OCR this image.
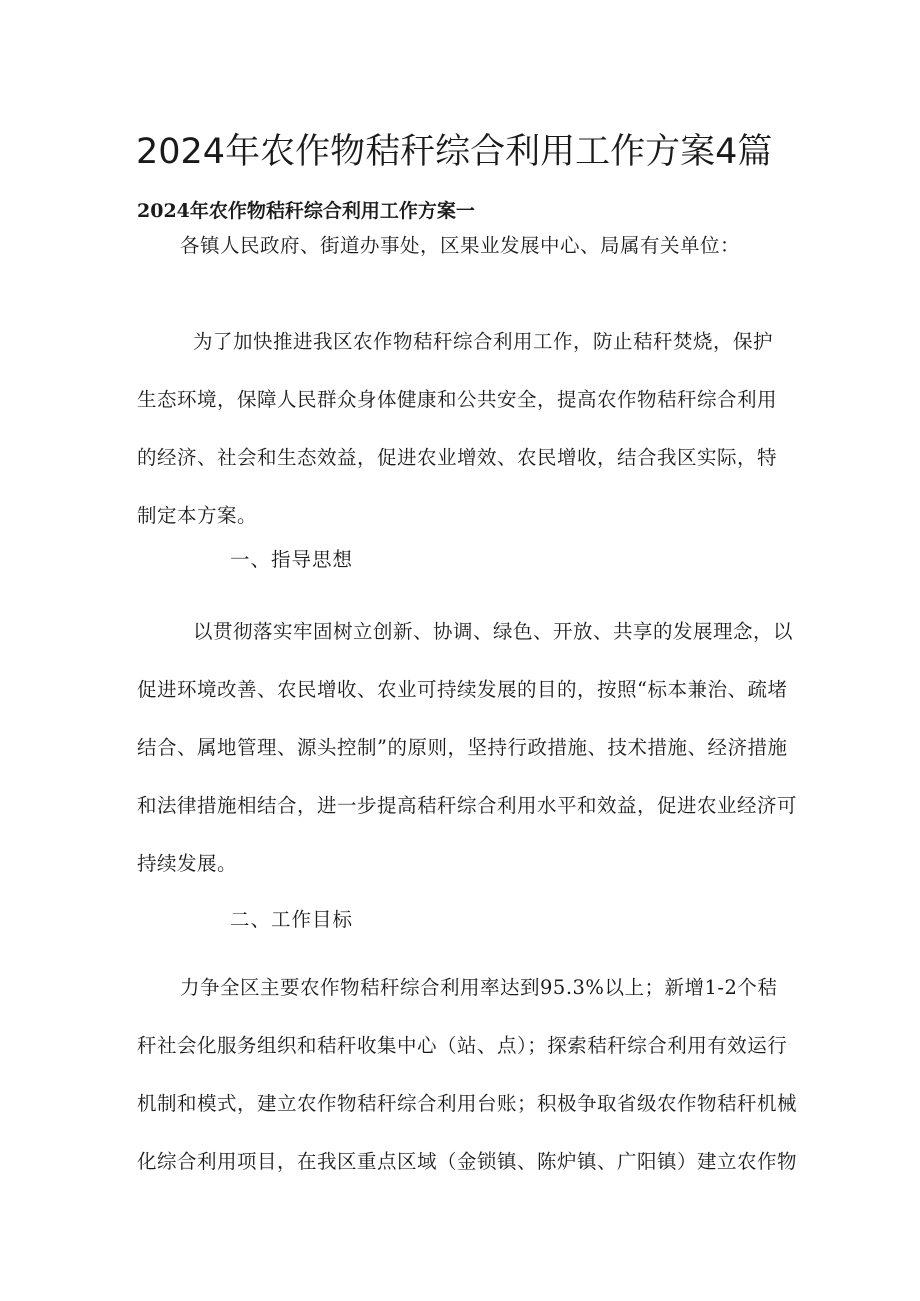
2024年农作物秸秆综合利用工作方案4篇
2024年农作物秸秆综合利用工作方案一

各镇人民政府、街道办事处，区果业发展中心、局属有关单位：

为了加快推进我区农作物秸秆综合利用工作，防止秸秆焚烧，保护

生态环境，保障人民群众身体健康和公共安全，提高农作物秸秆综合利用

的经济、社会和生态效益，促进农业增效、农民增收，结合我区实际，特

制定本方案。

一、指导思想

以贯彻落实牢固树立创新、协调、绿色、开放、共享的发展理念，以

促进环境改善、农民增收、农业可持续发展的目的，按照“标本兼治、疏堵

结合、属地管理、源头控制”的原则，坚持行政措施、技术措施、经济措施

和法律措施相结合，进一步提高秸秆综合利用水平和效益，促进农业经济可

持续发展。

二、工作目标

力争全区主要农作物秸秆综合利用率达到95.3%以上；新增1-2个秸

秆社会化服务组织和秸秆收集中心（站、点）；探索秸秆综合利用有效运行

机制和模式，建立农作物秸秆综合利用台账；积极争取省级农作物秸秆机械

化综合利用项目，在我区重点区域（金锁镇、陈炉镇、广阳镇）建立农作物
